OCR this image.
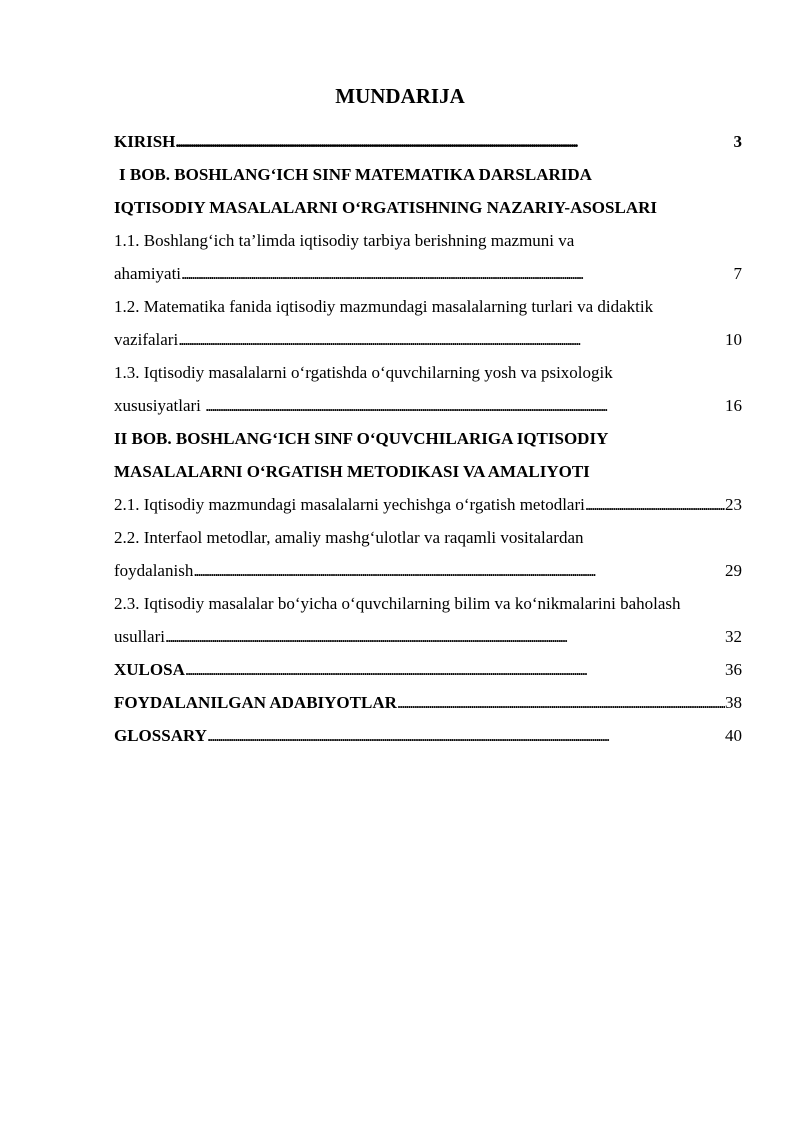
MUNDARIJA
KIRISH . . .	3
I BOB. BOSHLANG‘ICH SINF MATEMATIKA DARSLARIDA
IQTISODIY MASALALARNI O‘RGATISHNING NAZARIY-ASOSLARI
1.1. Boshlang‘ich ta’limda iqtisodiy tarbiya berishning mazmuni va
ahamiyati . . .	7
1.2. Matematika fanida iqtisodiy mazmundagi masalalarning turlari va didaktik
vazifalari . . .	10
1.3. Iqtisodiy masalalarni o‘rgatishda o‘quvchilarning yosh va psixologik
xususiyatlari . . .	16
II BOB. BOSHLANG‘ICH SINF O‘QUVCHILARIGA IQTISODIY
MASALALARNI O‘RGATISH METODIKASI VA AMALIYOTI
2.1. Iqtisodiy mazmundagi masalalarni yechishga o‘rgatish metodlari . . .	23
2.2. Interfaol metodlar, amaliy mashg‘ulotlar va raqamli vositalardan
foydalanish . . .	29
2.3. Iqtisodiy masalalar bo‘yicha o‘quvchilarning bilim va ko‘nikmalarini baholash
usullari . . .	32
XULOSA . . .	36
FOYDALANILGAN ADABIYOTLAR . . .	38
GLOSSARY . . .	40
